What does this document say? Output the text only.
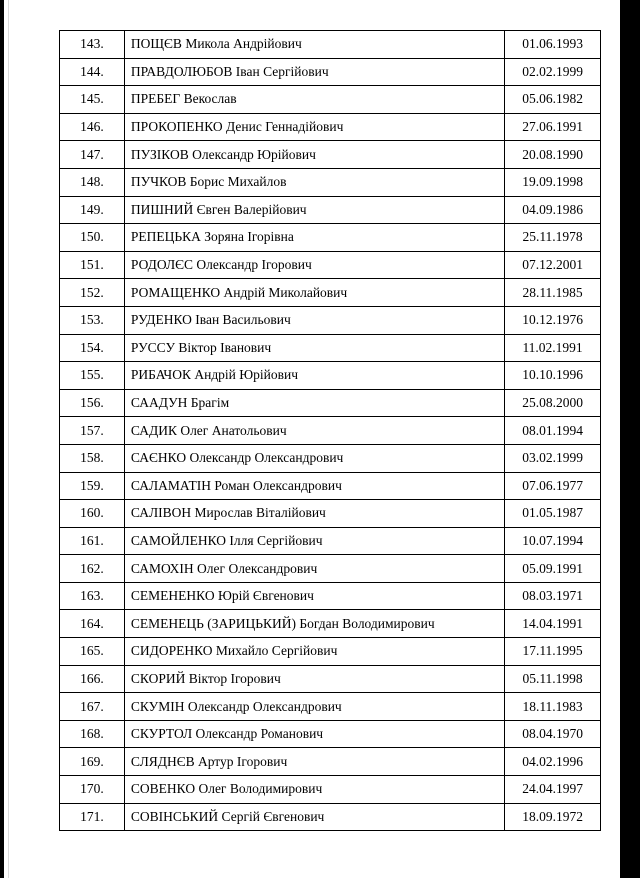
143.	ПОЩЄВ Микола Андрійович	01.06.1993
144.	ПРАВДОЛЮБОВ Іван Сергійович	02.02.1999
145.	ПРЕБЕГ Векослав	05.06.1982
146.	ПРОКОПЕНКО Денис Геннадійович	27.06.1991
147.	ПУЗІКОВ Олександр Юрійович	20.08.1990
148.	ПУЧКОВ Борис Михайлов	19.09.1998
149.	ПИШНИЙ Євген Валерійович	04.09.1986
150.	РЕПЕЦЬКА Зоряна Ігорівна	25.11.1978
151.	РОДОЛЄС Олександр Ігорович	07.12.2001
152.	РОМАЩЕНКО Андрій Миколайович	28.11.1985
153.	РУДЕНКО Іван Васильович	10.12.1976
154.	РУССУ Віктор Іванович	11.02.1991
155.	РИБАЧОК Андрій Юрійович	10.10.1996
156.	СААДУН Брагім	25.08.2000
157.	САДИК Олег Анатольович	08.01.1994
158.	САЄНКО Олександр Олександрович	03.02.1999
159.	САЛАМАТІН Роман Олександрович	07.06.1977
160.	САЛІВОН Мирослав Віталійович	01.05.1987
161.	САМОЙЛЕНКО Ілля Сергійович	10.07.1994
162.	САМОХІН Олег Олександрович	05.09.1991
163.	СЕМЕНЕНКО Юрій Євгенович	08.03.1971
164.	СЕМЕНЕЦЬ (ЗАРИЦЬКИЙ) Богдан Володимирович	14.04.1991
165.	СИДОРЕНКО Михайло Сергійович	17.11.1995
166.	СКОРИЙ Віктор Ігорович	05.11.1998
167.	СКУМІН Олександр Олександрович	18.11.1983
168.	СКУРТОЛ Олександр Романович	08.04.1970
169.	СЛЯДНЄВ Артур Ігорович	04.02.1996
170.	СОВЕНКО Олег Володимирович	24.04.1997
171.	СОВІНСЬКИЙ Сергій Євгенович	18.09.1972
